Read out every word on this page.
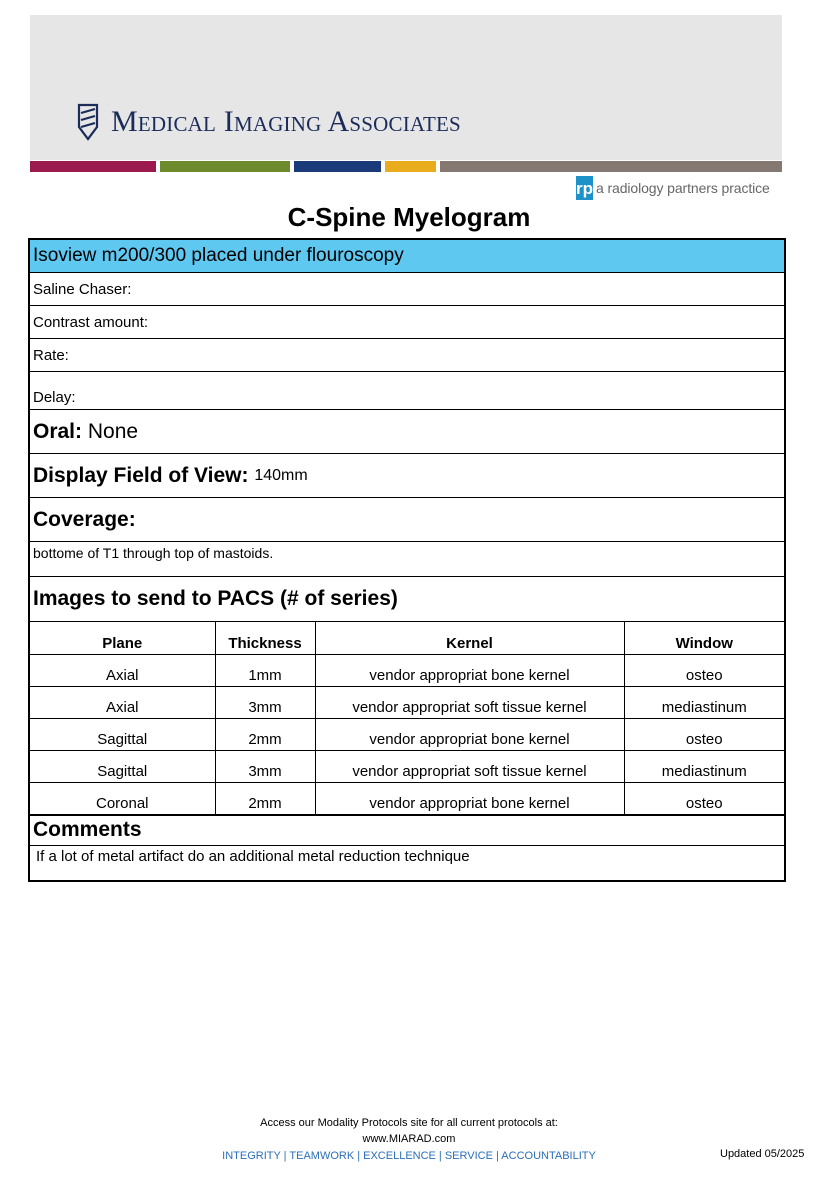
Medical Imaging Associates
rp a radiology partners practice
C-Spine Myelogram
Isoview m200/300 placed under flouroscopy
Saline Chaser:
Contrast amount:
Rate:
Delay:
Oral:
None
Display Field of View:
140mm
Coverage:
bottome of T1 through top of mastoids.
Images to send to PACS (# of series)
Plane	Thickness	Kernel	Window
Axial	1mm	vendor appropriat bone kernel	osteo
Axial	3mm	vendor appropriat soft tissue kernel	mediastinum
Sagittal	2mm	vendor appropriat bone kernel	osteo
Sagittal	3mm	vendor appropriat soft tissue kernel	mediastinum
Coronal	2mm	vendor appropriat bone kernel	osteo
Comments
If a lot of metal artifact do an additional metal reduction technique
Access our Modality Protocols site for all current protocols at:
www.MIARAD.com
INTEGRITY | TEAMWORK | EXCELLENCE | SERVICE | ACCOUNTABILITY	Updated 05/2025
